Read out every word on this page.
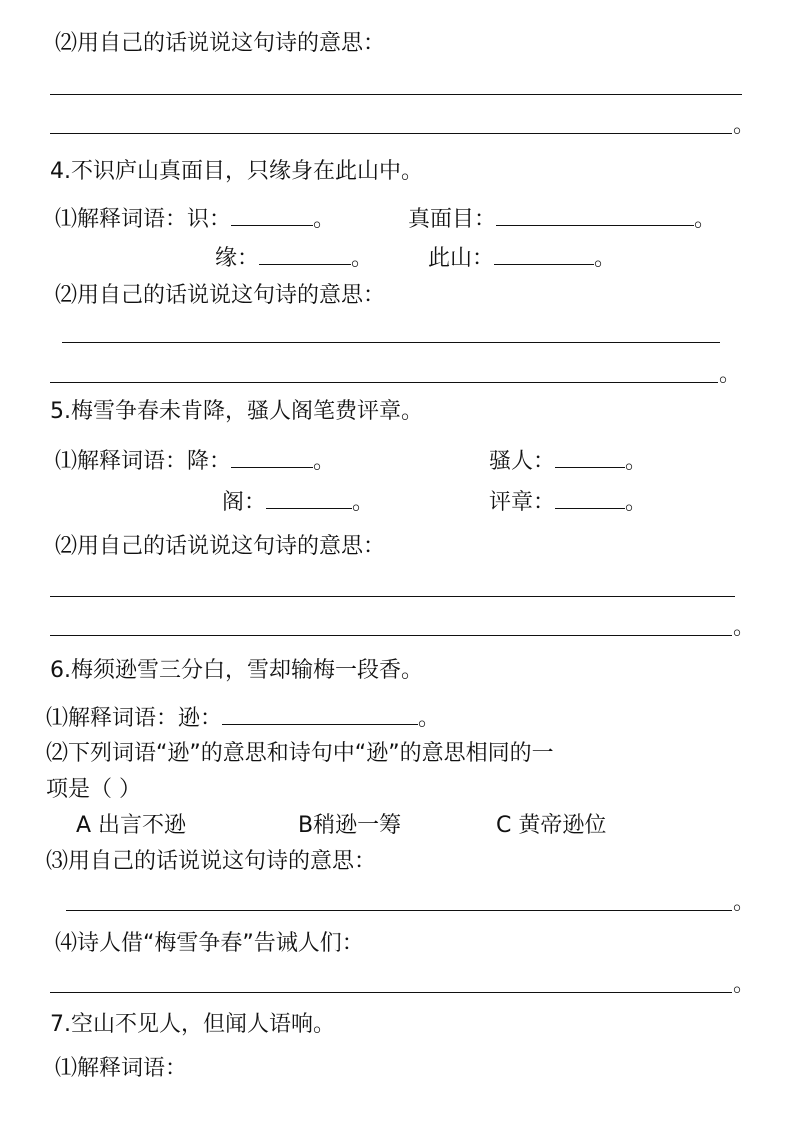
⑵用自己的话说说这句诗的意思：
。
4.不识庐山真面目，只缘身在此山中。
⑴解释词语：识：	。	真面目：	。
缘：	。 此山：	。
⑵用自己的话说说这句诗的意思：
。
5.梅雪争春未肯降，骚人阁笔费评章。
⑴解释词语：降：	。	骚人：	。
阁：	。	评章：	。
⑵用自己的话说说这句诗的意思：
。
6.梅须逊雪三分白，雪却输梅一段香。
⑴解释词语：逊：	。
⑵下列词语“逊”的意思和诗句中“逊”的意思相同的一
项是（ ）
A 出言不逊	B稍逊一筹	C 黄帝逊位
⑶用自己的话说说这句诗的意思：
。
⑷诗人借“梅雪争春”告诫人们：
。
7.空山不见人，但闻人语响。
⑴解释词语：
